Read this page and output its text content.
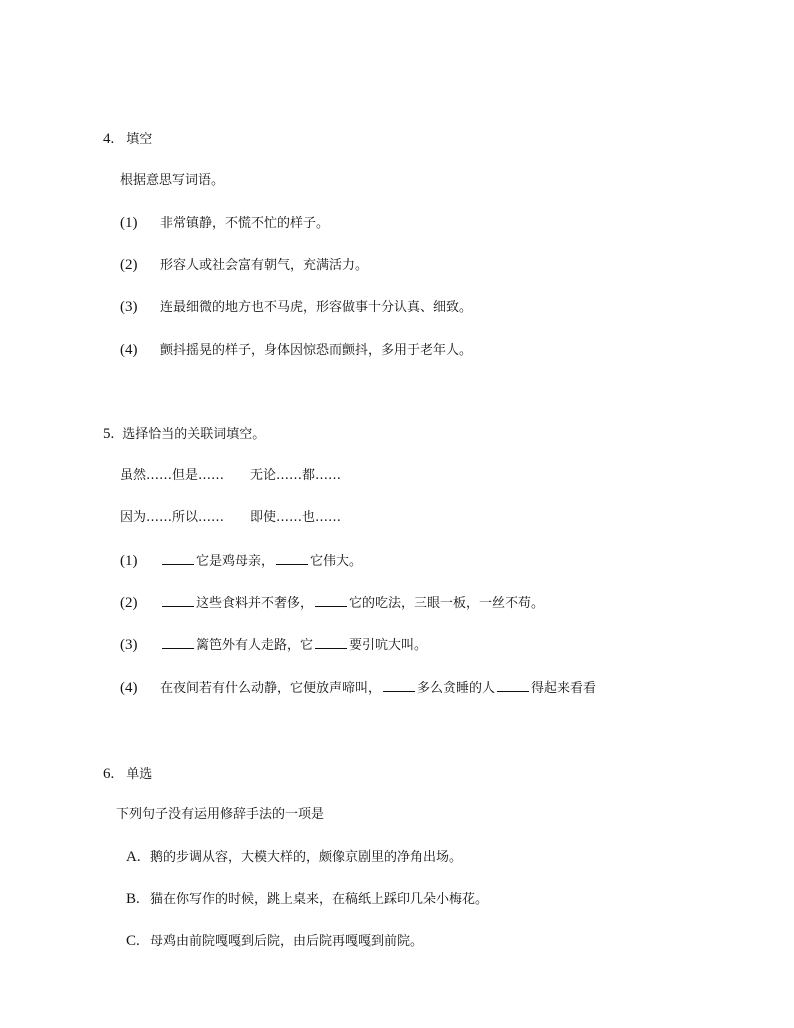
4. 填空
根据意思写词语。
(1) 非常镇静，不慌不忙的样子。
(2) 形容人或社会富有朝气，充满活力。
(3) 连最细微的地方也不马虎，形容做事十分认真、细致。
(4) 颤抖摇晃的样子，身体因惊恐而颤抖，多用于老年人。
5. 选择恰当的关联词填空。
虽然……但是…… 无论……都……
因为……所以…… 即使……也……
(1)	它是鸡母亲，	它伟大。
(2)	这些食料并不奢侈，	它的吃法，三眼一板，一丝不苟。
(3)	篱笆外有人走路，它	要引吭大叫。
(4) 在夜间若有什么动静，它便放声啼叫，	多么贪睡的人	得起来看看
6. 单选
下列句子没有运用修辞手法的一项是
A. 鹅的步调从容，大模大样的，颇像京剧里的净角出场。
B. 猫在你写作的时候，跳上桌来，在稿纸上踩印几朵小梅花。
C. 母鸡由前院嘎嘎到后院，由后院再嘎嘎到前院。
